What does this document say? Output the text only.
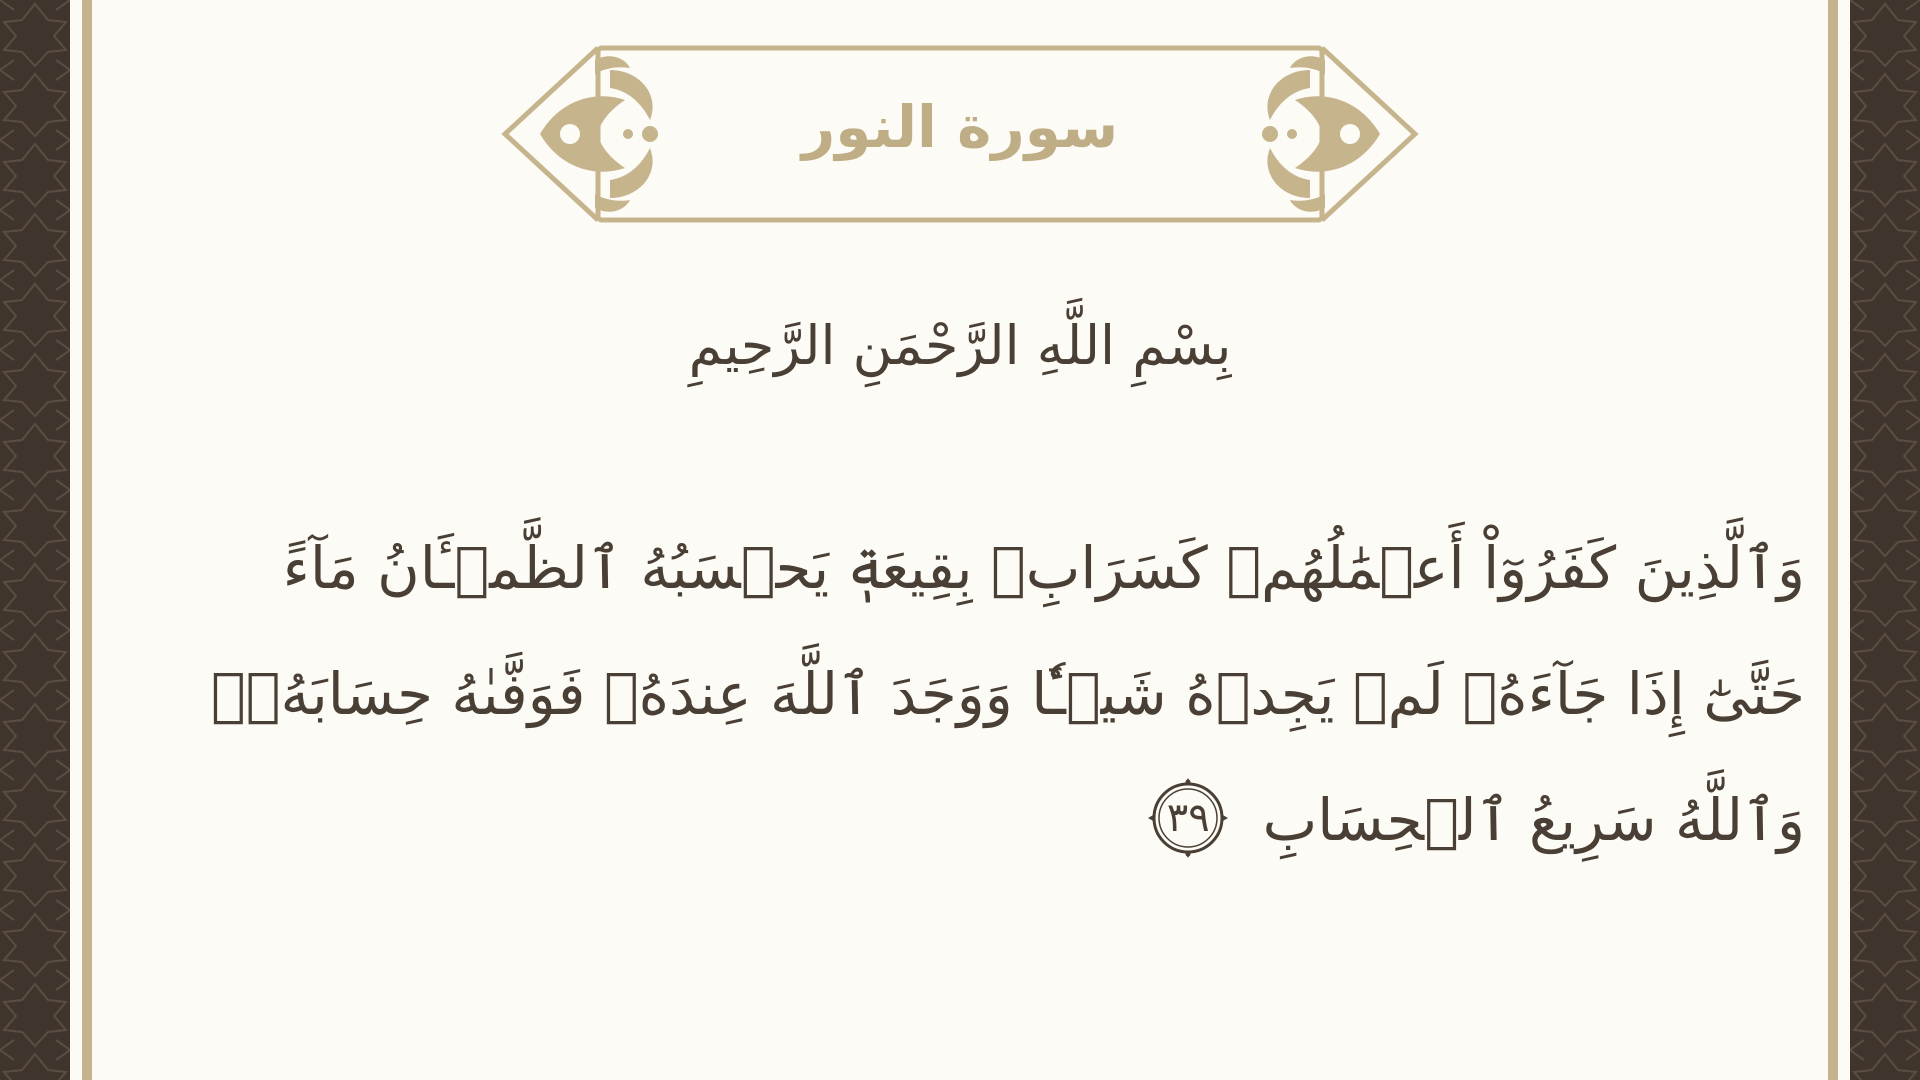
سورة النور
بِسْمِ اللَّهِ الرَّحْمَنِ الرَّحِيمِ
وَٱلَّذِينَ كَفَرُوٓاْ أَعۡمَٰلُهُمۡ كَسَرَابِۭ بِقِيعَةٖ يَحۡسَبُهُ ٱلظَّمۡـَٔانُ مَآءً حَتَّىٰٓ إِذَا جَآءَهُۥ لَمۡ يَجِدۡهُ شَيۡـٔٗا وَوَجَدَ ٱللَّهَ عِندَهُۥ فَوَفَّىٰهُ حِسَابَهُۥۗ وَٱللَّهُ سَرِيعُ ٱلۡحِسَابِ
٣٩
